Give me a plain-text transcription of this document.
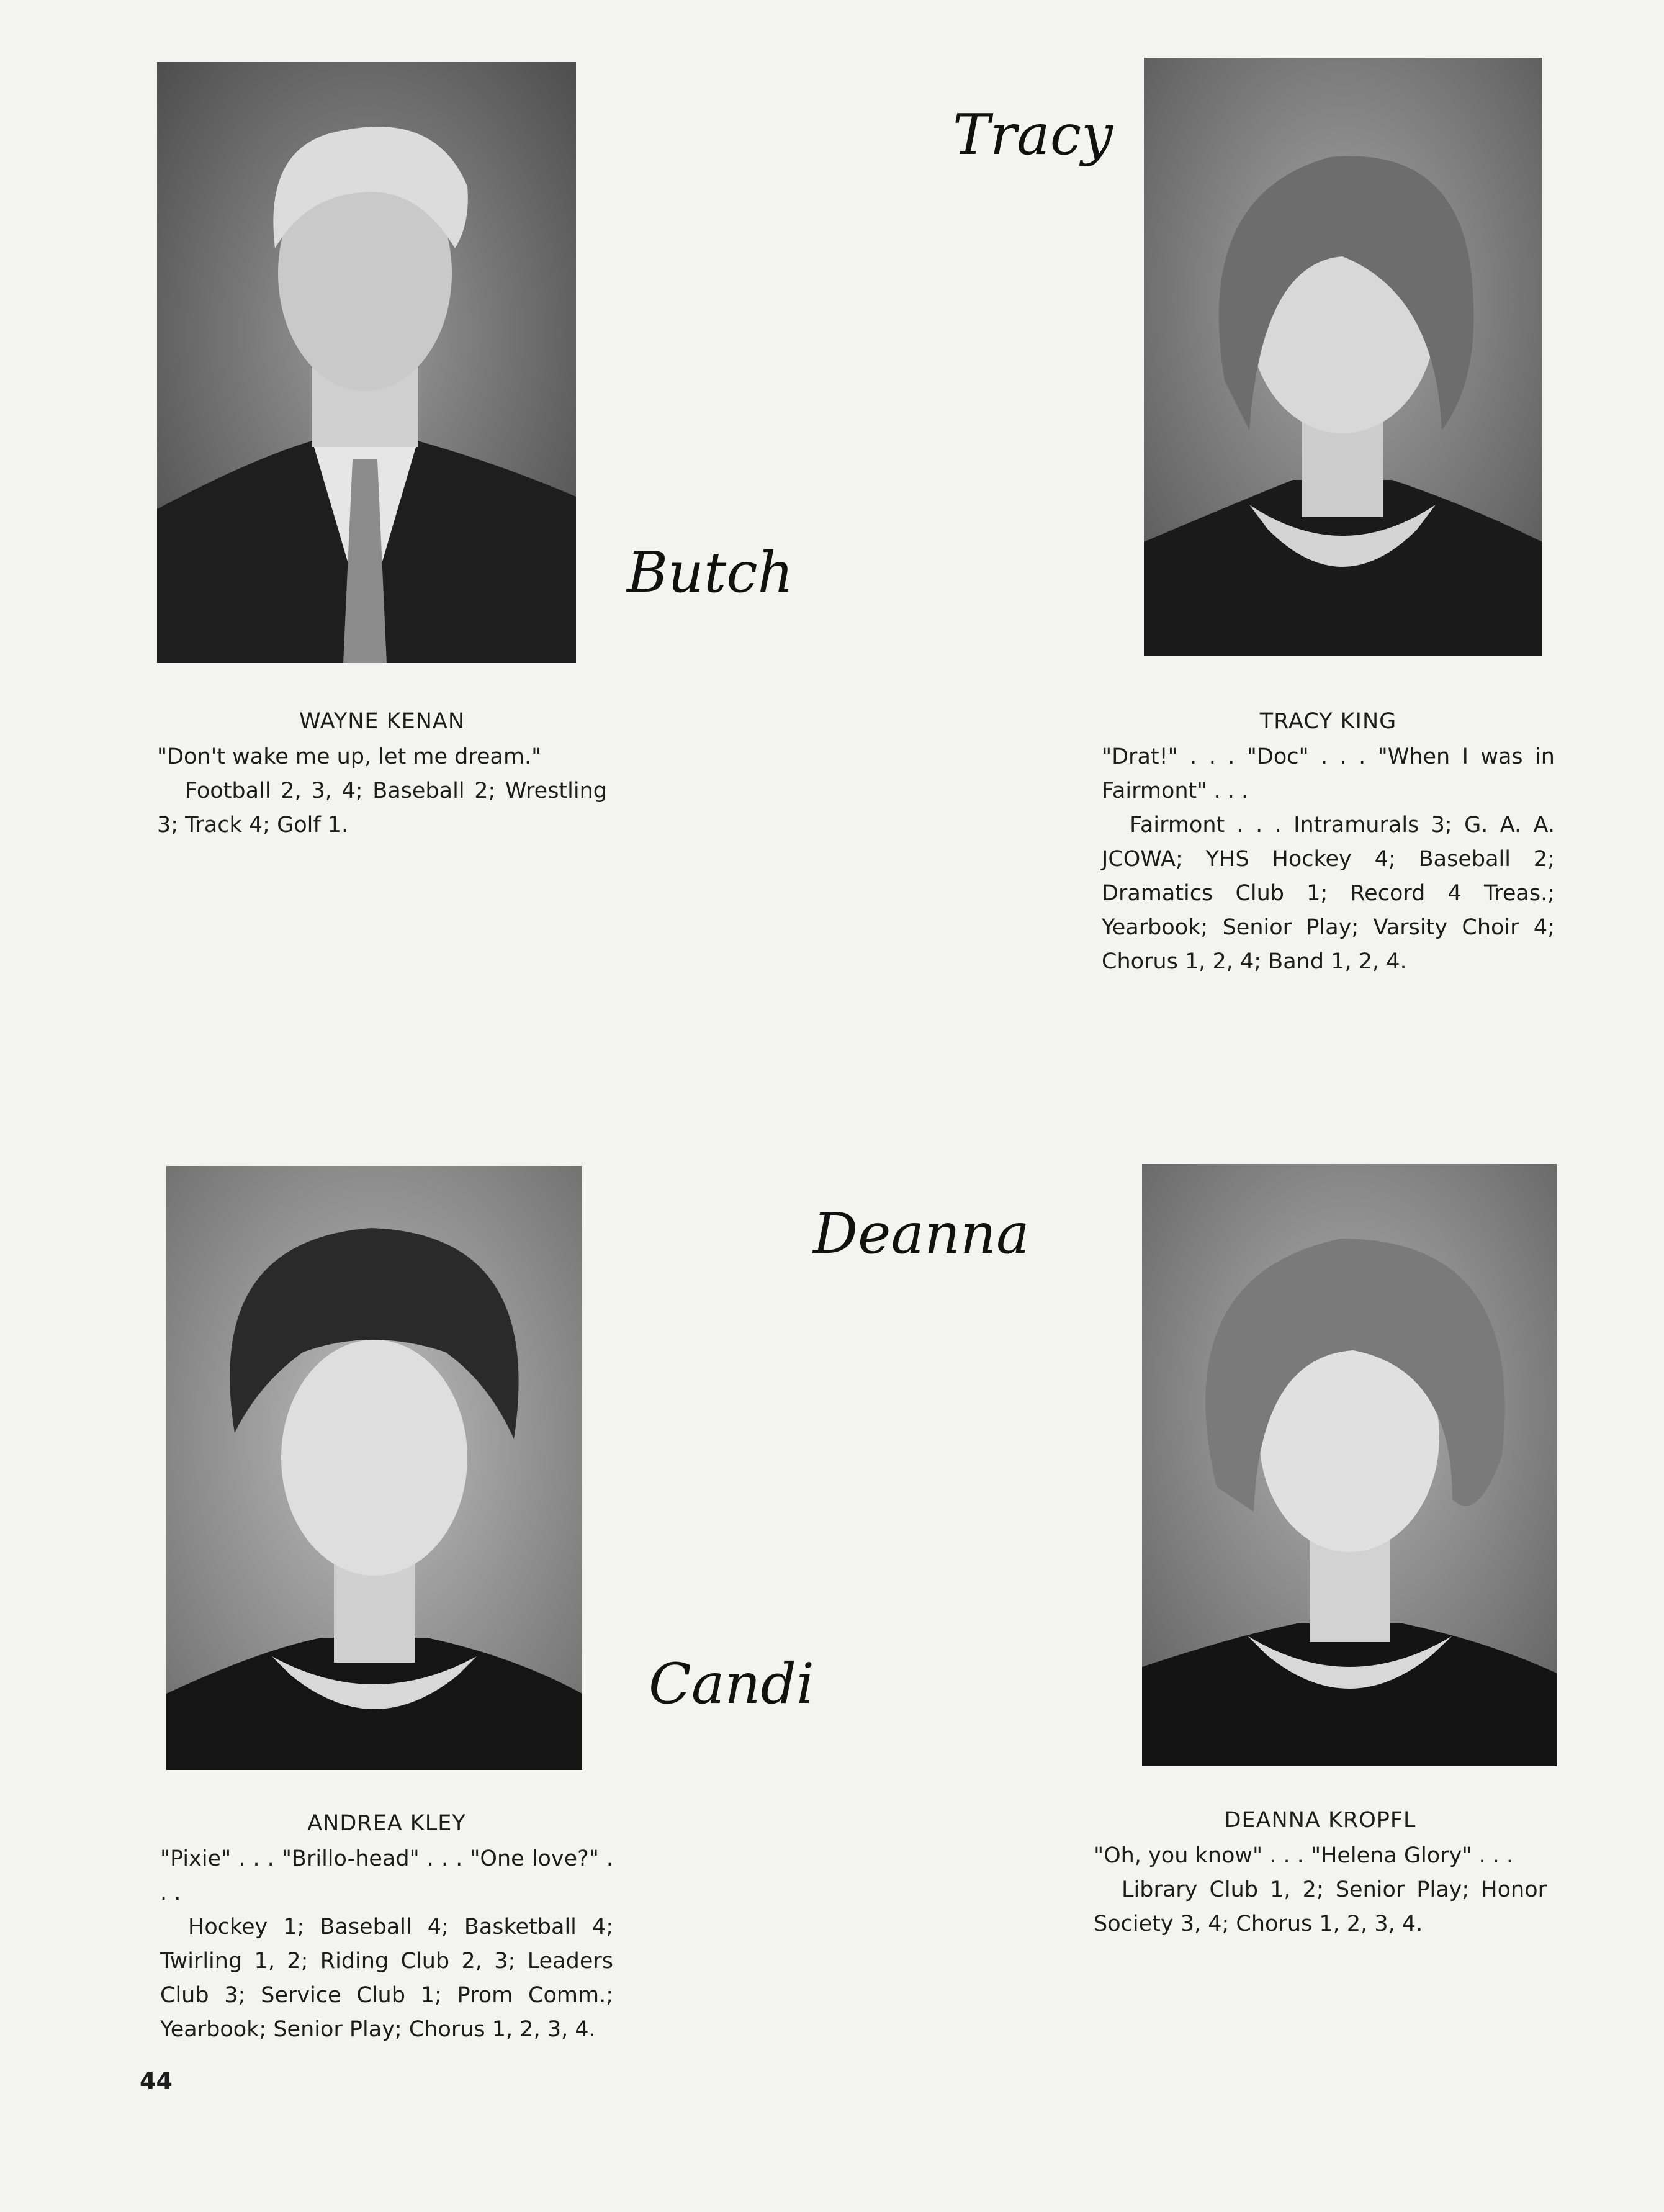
Butch
Tracy
Candi
Deanna
WAYNE KENAN
"Don't wake me up, let me dream."
Football 2, 3, 4; Baseball 2; Wrestling 3; Track 4; Golf 1.
TRACY KING
"Drat!" . . . "Doc" . . . "When I was in Fairmont" . . .
Fairmont . . . Intramurals 3; G. A. A. JCOWA; YHS Hockey 4; Baseball 2; Dramatics Club 1; Record 4 Treas.; Yearbook; Senior Play; Varsity Choir 4; Chorus 1, 2, 4; Band 1, 2, 4.
ANDREA KLEY
"Pixie" . . . "Brillo-head" . . . "One love?" . . .
Hockey 1; Baseball 4; Basketball 4; Twirling 1, 2; Riding Club 2, 3; Leaders Club 3; Service Club 1; Prom Comm.; Yearbook; Senior Play; Chorus 1, 2, 3, 4.
DEANNA KROPFL
"Oh, you know" . . . "Helena Glory" . . .
Library Club 1, 2; Senior Play; Honor Society 3, 4; Chorus 1, 2, 3, 4.
44
